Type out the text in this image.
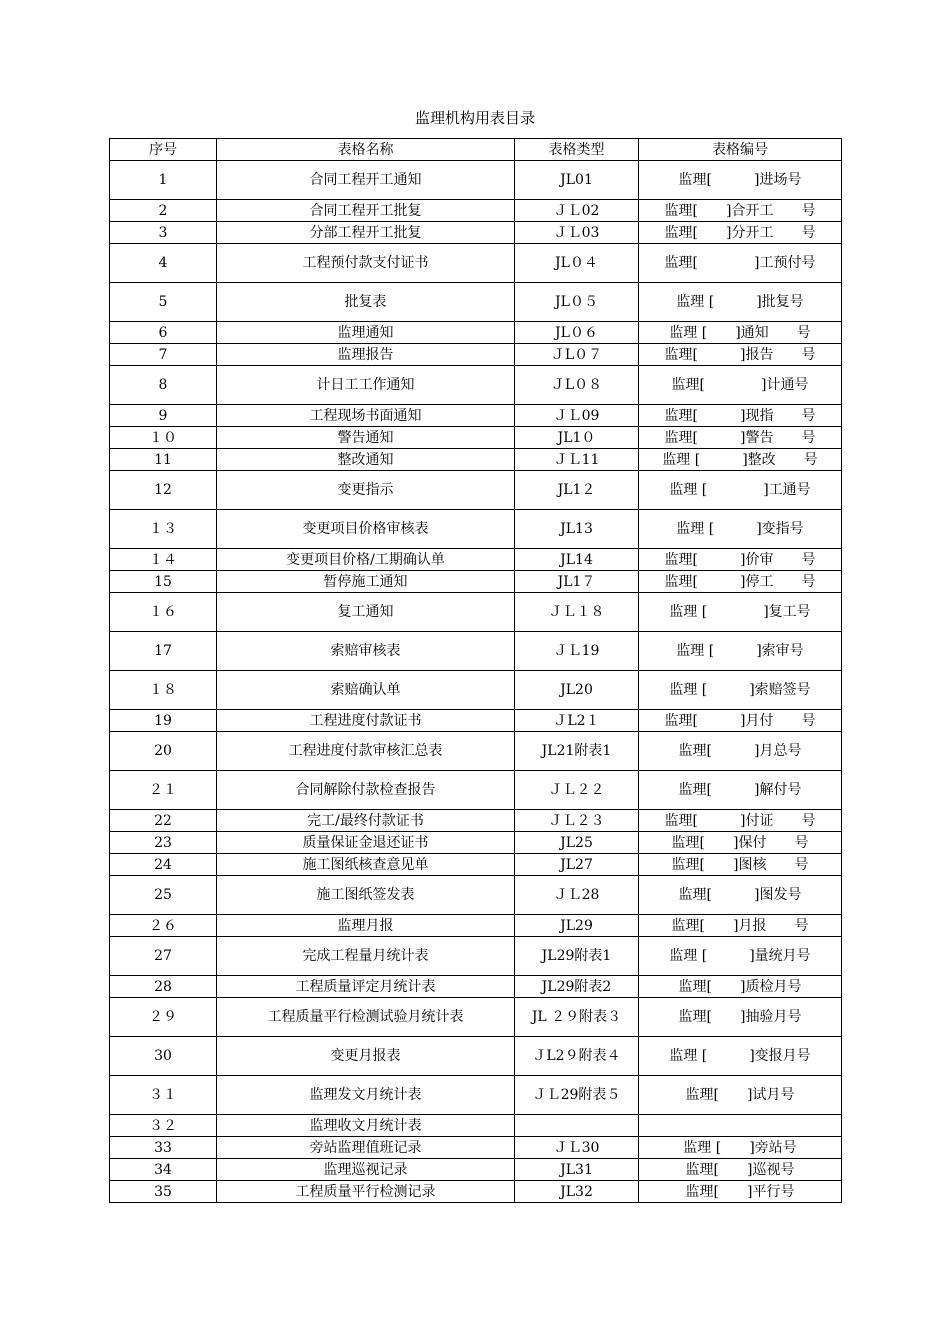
监理机构用表目录
序号	表格名称	表格类型	表格编号
1	合同工程开工通知	JL01	监理[　　　]进场号
2	合同工程开工批复	ＪＬ02	监理[　　]合开工　　号
3	分部工程开工批复	ＪＬ03	监理[　　]分开工　　号
4	工程预付款支付证书	JL０４	监理[　　　　]工预付号
5	批复表	JL０５	监理 [　　　]批复号
6	监理通知	JL０６	监理 [　　]通知　　号
7	监理报告	ＪL０７	监理[　　　]报告　　号
8	计日工工作通知	ＪL０８	监理[　　　　]计通号
9	工程现场书面通知	ＪＬ09	监理[　　　]现指　　号
１０	警告通知	JL1０	监理[　　　]警告　　号
11	整改通知	ＪＬ11	监理 [　　　]整改　　号
12	变更指示	JL1２	监理 [　　　　]工通号
１３	变更项目价格审核表	JL13	监理 [　　　]变指号
１４	变更项目价格/工期确认单	JL14	监理[　　　]价审　　号
15	暂停施工通知	JL1７	监理[　　　]停工　　号
１６	复工通知	ＪＬ１８	监理 [　　　　]复工号
17	索赔审核表	ＪＬ19	监理 [　　　]索审号
１８	索赔确认单	JL20	监理 [　　　]索赔签号
19	工程进度付款证书	ＪL2１	监理[　　　]月付　　号
20	工程进度付款审核汇总表	JL21附表1	监理[　　　]月总号
２１	合同解除付款检查报告	ＪＬ２２	监理[　　　]解付号
22	完工/最终付款证书	ＪＬ２３	监理[　　　]付证　　号
23	质量保证金退还证书	JL25	监理[　　]保付　　号
24	施工图纸核查意见单	JL27	监理[　　]图核　　号
25	施工图纸签发表	ＪＬ28	监理[　　　]图发号
２６	监理月报	JL29	监理[　　]月报　　号
27	完成工程量月统计表	JL29附表1	监理 [　　　]量统月号
28	工程质量评定月统计表	JL29附表2	监理[　　]质检月号
２９	工程质量平行检测试验月统计表	JL ２９附表３	监理[　　]抽验月号
30	变更月报表	ＪL2９附表４	监理 [　　　]变报月号
３１	监理发文月统计表	ＪＬ29附表５	监理[　　]试月号
３２	监理收文月统计表		
33	旁站监理值班记录	ＪＬ30	监理 [　　]旁站号
34	监理巡视记录	JL31	监理[　　]巡视号
35	工程质量平行检测记录	JL32	监理[　　]平行号
